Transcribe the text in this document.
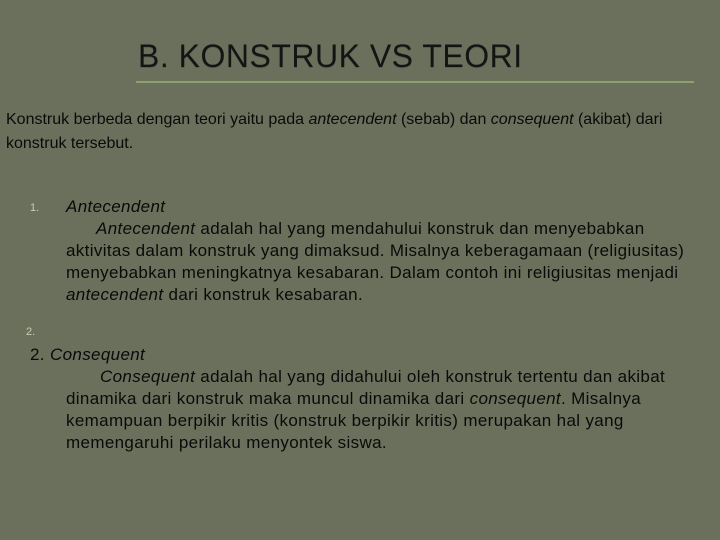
B. KONSTRUK VS TEORI

Konstruk berbeda dengan teori yaitu pada antecendent (sebab) dan consequent (akibat) dari konstruk tersebut.

1. Antecendent
Antecendent adalah hal yang mendahului konstruk dan menyebabkan aktivitas dalam konstruk yang dimaksud. Misalnya keberagamaan (religiusitas) menyebabkan meningkatnya kesabaran. Dalam contoh ini religiusitas menjadi antecendent dari konstruk kesabaran.
2.
2. Consequent
Consequent adalah hal yang didahului oleh konstruk tertentu dan akibat dinamika dari konstruk maka muncul dinamika dari consequent. Misalnya kemampuan berpikir kritis (konstruk berpikir kritis) merupakan hal yang memengaruhi perilaku menyontek siswa.
